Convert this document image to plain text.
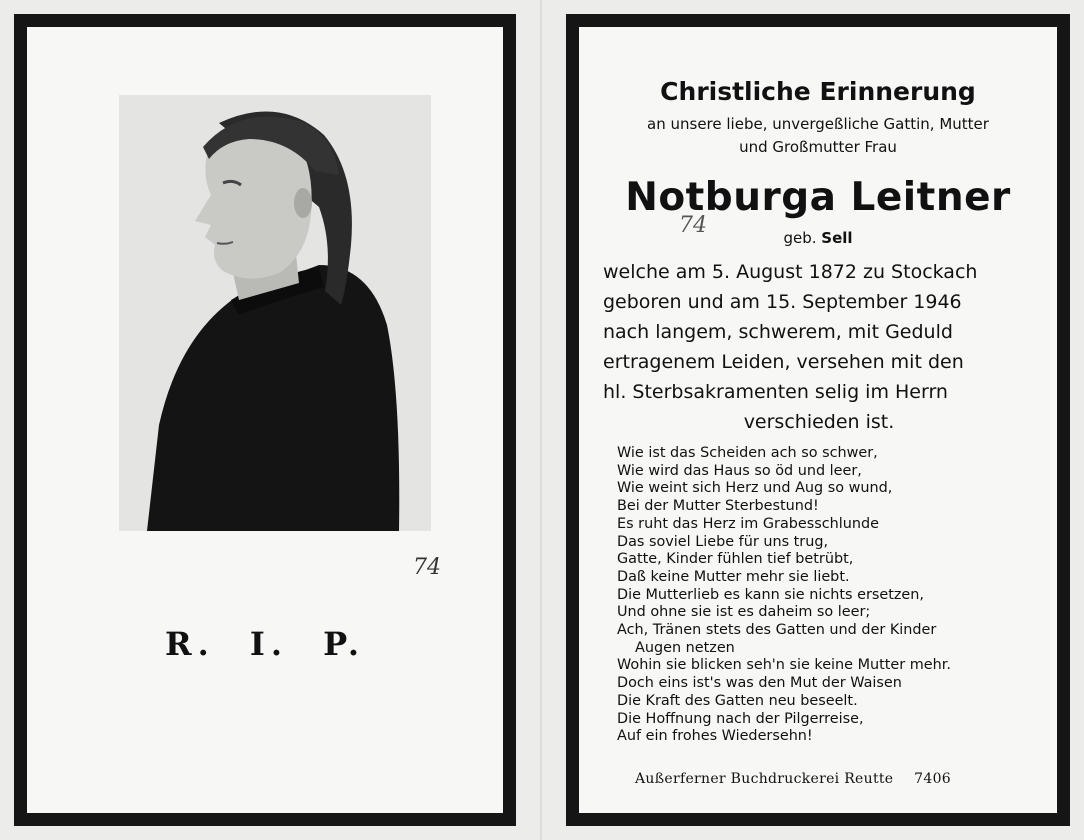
74
R. I. P.
Christliche Erinnerung
an unsere liebe, unvergeßliche Gattin, Mutter
und Großmutter Frau
Notburga Leitner
74	geb. Sell
welche am 5. August 1872 zu Stockach
geboren und am 15. September 1946
nach langem, schwerem, mit Geduld
ertragenem Leiden, versehen mit den
hl. Sterbsakramenten selig im Herrn
verschieden ist.
Wie ist das Scheiden ach so schwer,
Wie wird das Haus so öd und leer,
Wie weint sich Herz und Aug so wund,
Bei der Mutter Sterbestund!
Es ruht das Herz im Grabesschlunde
Das soviel Liebe für uns trug,
Gatte, Kinder fühlen tief betrübt,
Daß keine Mutter mehr sie liebt.
Die Mutterlieb es kann sie nichts ersetzen,
Und ohne sie ist es daheim so leer;
Ach, Tränen stets des Gatten und der Kinder
Augen netzen
Wohin sie blicken seh'n sie keine Mutter mehr.
Doch eins ist's was den Mut der Waisen
Die Kraft des Gatten neu beseelt.
Die Hoffnung nach der Pilgerreise,
Auf ein frohes Wiedersehn!
Außerferner Buchdruckerei Reutte 7406
